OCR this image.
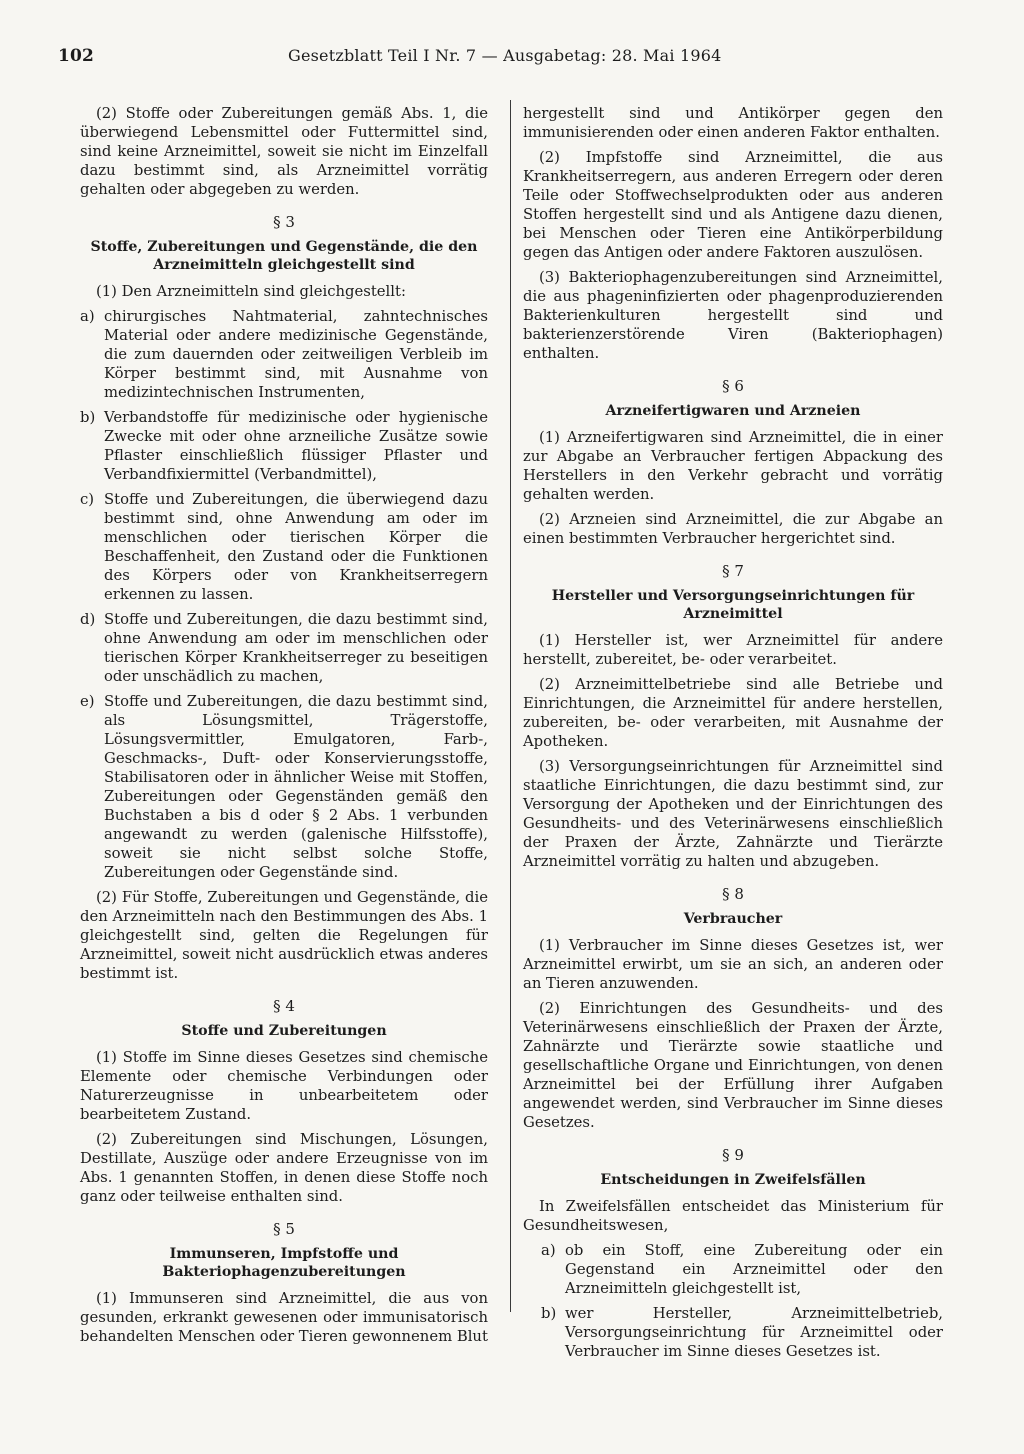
102	Gesetzblatt Teil I Nr. 7 — Ausgabetag: 28. Mai 1964

(2) Stoffe oder Zubereitungen gemäß Abs. 1, die überwiegend Lebensmittel oder Futtermittel sind, sind keine Arzneimittel, soweit sie nicht im Einzelfall dazu bestimmt sind, als Arzneimittel vorrätig gehalten oder abgegeben zu werden.

§ 3
Stoffe, Zubereitungen und Gegenstände, die den Arzneimitteln gleichgestellt sind

(1) Den Arzneimitteln sind gleichgestellt:

a) chirurgisches Nahtmaterial, zahntechnisches Material oder andere medizinische Gegenstände, die zum dauernden oder zeitweiligen Verbleib im Körper bestimmt sind, mit Ausnahme von medizintechnischen Instrumenten,
b) Verbandstoffe für medizinische oder hygienische Zwecke mit oder ohne arzneiliche Zusätze sowie Pflaster einschließlich flüssiger Pflaster und Verbandfixiermittel (Verbandmittel),
c) Stoffe und Zubereitungen, die überwiegend dazu bestimmt sind, ohne Anwendung am oder im menschlichen oder tierischen Körper die Beschaffenheit, den Zustand oder die Funktionen des Körpers oder von Krankheitserregern erkennen zu lassen.
d) Stoffe und Zubereitungen, die dazu bestimmt sind, ohne Anwendung am oder im menschlichen oder tierischen Körper Krankheitserreger zu beseitigen oder unschädlich zu machen,
e) Stoffe und Zubereitungen, die dazu bestimmt sind, als Lösungsmittel, Trägerstoffe, Lösungsvermittler, Emulgatoren, Farb-, Geschmacks-, Duft- oder Konservierungsstoffe, Stabilisatoren oder in ähnlicher Weise mit Stoffen, Zubereitungen oder Gegenständen gemäß den Buchstaben a bis d oder § 2 Abs. 1 verbunden angewandt zu werden (galenische Hilfsstoffe), soweit sie nicht selbst solche Stoffe, Zubereitungen oder Gegenstände sind.

(2) Für Stoffe, Zubereitungen und Gegenstände, die den Arzneimitteln nach den Bestimmungen des Abs. 1 gleichgestellt sind, gelten die Regelungen für Arzneimittel, soweit nicht ausdrücklich etwas anderes bestimmt ist.

§ 4
Stoffe und Zubereitungen

(1) Stoffe im Sinne dieses Gesetzes sind chemische Elemente oder chemische Verbindungen oder Naturerzeugnisse in unbearbeitetem oder bearbeitetem Zustand.

(2) Zubereitungen sind Mischungen, Lösungen, Destillate, Auszüge oder andere Erzeugnisse von im Abs. 1 genannten Stoffen, in denen diese Stoffe noch ganz oder teilweise enthalten sind.

§ 5
Immunseren, Impfstoffe und Bakteriophagenzubereitungen

(1) Immunseren sind Arzneimittel, die aus von gesunden, erkrankt gewesenen oder immunisatorisch behandelten Menschen oder Tieren gewonnenem Blut

hergestellt sind und Antikörper gegen den immunisierenden oder einen anderen Faktor enthalten.

(2) Impfstoffe sind Arzneimittel, die aus Krankheitserregern, aus anderen Erregern oder deren Teile oder Stoffwechselprodukten oder aus anderen Stoffen hergestellt sind und als Antigene dazu dienen, bei Menschen oder Tieren eine Antikörperbildung gegen das Antigen oder andere Faktoren auszulösen.

(3) Bakteriophagenzubereitungen sind Arzneimittel, die aus phageninfizierten oder phagenproduzierenden Bakterienkulturen hergestellt sind und bakterienzerstörende Viren (Bakteriophagen) enthalten.

§ 6
Arzneifertigwaren und Arzneien

(1) Arzneifertigwaren sind Arzneimittel, die in einer zur Abgabe an Verbraucher fertigen Abpackung des Herstellers in den Verkehr gebracht und vorrätig gehalten werden.

(2) Arzneien sind Arzneimittel, die zur Abgabe an einen bestimmten Verbraucher hergerichtet sind.

§ 7
Hersteller und Versorgungseinrichtungen für Arzneimittel

(1) Hersteller ist, wer Arzneimittel für andere herstellt, zubereitet, be- oder verarbeitet.

(2) Arzneimittelbetriebe sind alle Betriebe und Einrichtungen, die Arzneimittel für andere herstellen, zubereiten, be- oder verarbeiten, mit Ausnahme der Apotheken.

(3) Versorgungseinrichtungen für Arzneimittel sind staatliche Einrichtungen, die dazu bestimmt sind, zur Versorgung der Apotheken und der Einrichtungen des Gesundheits- und des Veterinärwesens einschließlich der Praxen der Ärzte, Zahnärzte und Tierärzte Arzneimittel vorrätig zu halten und abzugeben.

§ 8
Verbraucher

(1) Verbraucher im Sinne dieses Gesetzes ist, wer Arzneimittel erwirbt, um sie an sich, an anderen oder an Tieren anzuwenden.

(2) Einrichtungen des Gesundheits- und des Veterinärwesens einschließlich der Praxen der Ärzte, Zahnärzte und Tierärzte sowie staatliche und gesellschaftliche Organe und Einrichtungen, von denen Arzneimittel bei der Erfüllung ihrer Aufgaben angewendet werden, sind Verbraucher im Sinne dieses Gesetzes.

§ 9
Entscheidungen in Zweifelsfällen

In Zweifelsfällen entscheidet das Ministerium für Gesundheitswesen,

a) ob ein Stoff, eine Zubereitung oder ein Gegenstand ein Arzneimittel oder den Arzneimitteln gleichgestellt ist,
b) wer Hersteller, Arzneimittelbetrieb, Versorgungseinrichtung für Arzneimittel oder Verbraucher im Sinne dieses Gesetzes ist.
